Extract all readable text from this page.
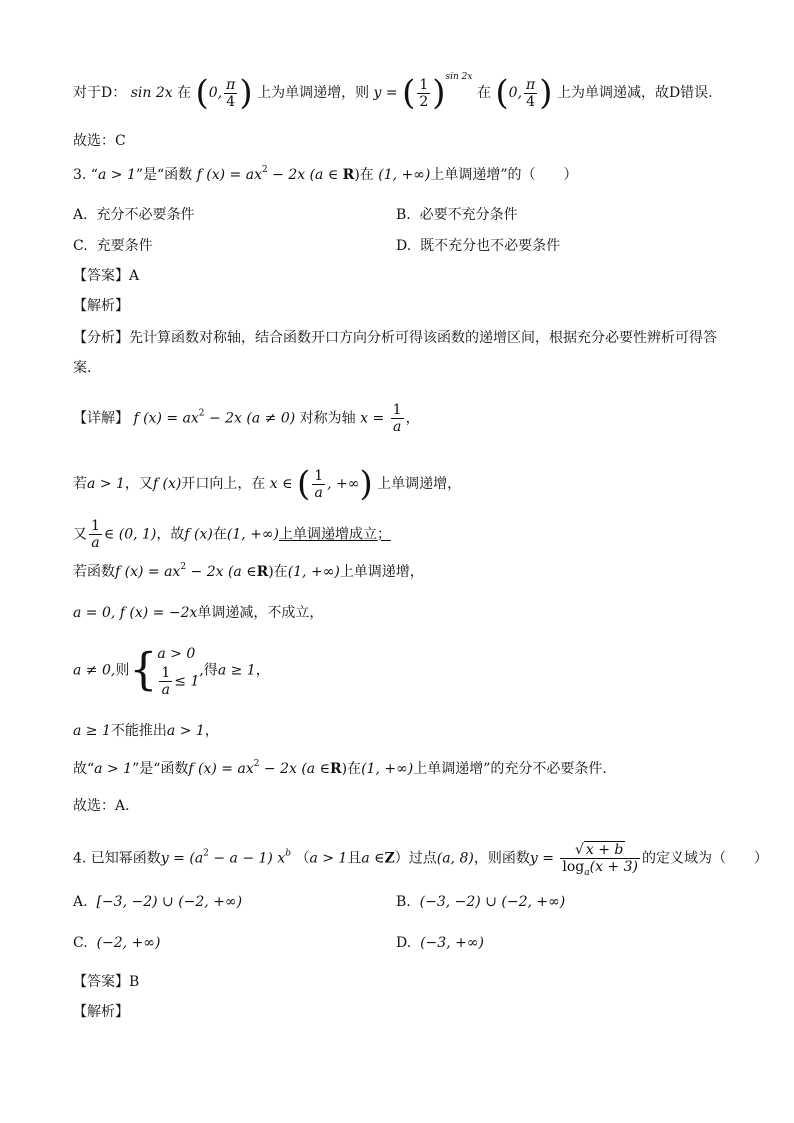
对于D： sin 2x 在 (0, $\frac{\pi}{4}$ ) 上为单调递增，则 y = ( $\frac{1}{2} )^{sin 2x}$ 在 (0, $\frac{\pi}{4}$ ) 上为单调递减，故D错误.
故选：C
3. “a > 1”是“函数 f $(x) = ax^2 - 2x$ (a ∈ R)在 (1, +∞)上单调递增”的（　　）
A. 充分不必要条件	B. 必要不充分条件
C. 充要条件	D. 既不充分也不必要条件
【答案】A
【解析】
【分析】先计算函数对称轴，结合函数开口方向分析可得该函数的递增区间，根据充分必要性辨析可得答
案.
【详解】 f $(x) = ax^2 - 2x$ (a ≠ 0) 对称为轴 $x = \frac{1}{a}$ ，
若a > 1，又f (x)开口向上，在 x ∈ ( $\frac{1}{a}$ , +∞) 上单调递增，
又 $\frac{1}{a}$ ∈ (0, 1)，故f (x)在(1, +∞)上单调递增成立；
若函数f $(x) = ax^2 - 2x$ (a ∈R)在(1, +∞)上单调递增，
a = 0, f (x) = −2x单调递减，不成立，
a ≠ 0,则{ a > 0
$\frac{1}{a} \le 1$
,得a ≥ 1，
a ≥ 1不能推出a > 1，
故“a > 1”是“函数f $(x) = ax^2 - 2x$ (a ∈R)在(1, +∞)上单调递增”的充分不必要条件.
故选：A.
4. 已知幂函数$y = (a^2 - a - 1)$ $x^b$ （a > 1且a ∈Z）过点(a, 8)，则函数$y = \frac{√ x + b}{\log_a(x + 3)}$ 的定义域为（　　）
A. [−3, −2) ∪ (−2, +∞)	B. (−3, −2) ∪ (−2, +∞)
C. (−2, +∞)	D. (−3, +∞)
【答案】B
【解析】
